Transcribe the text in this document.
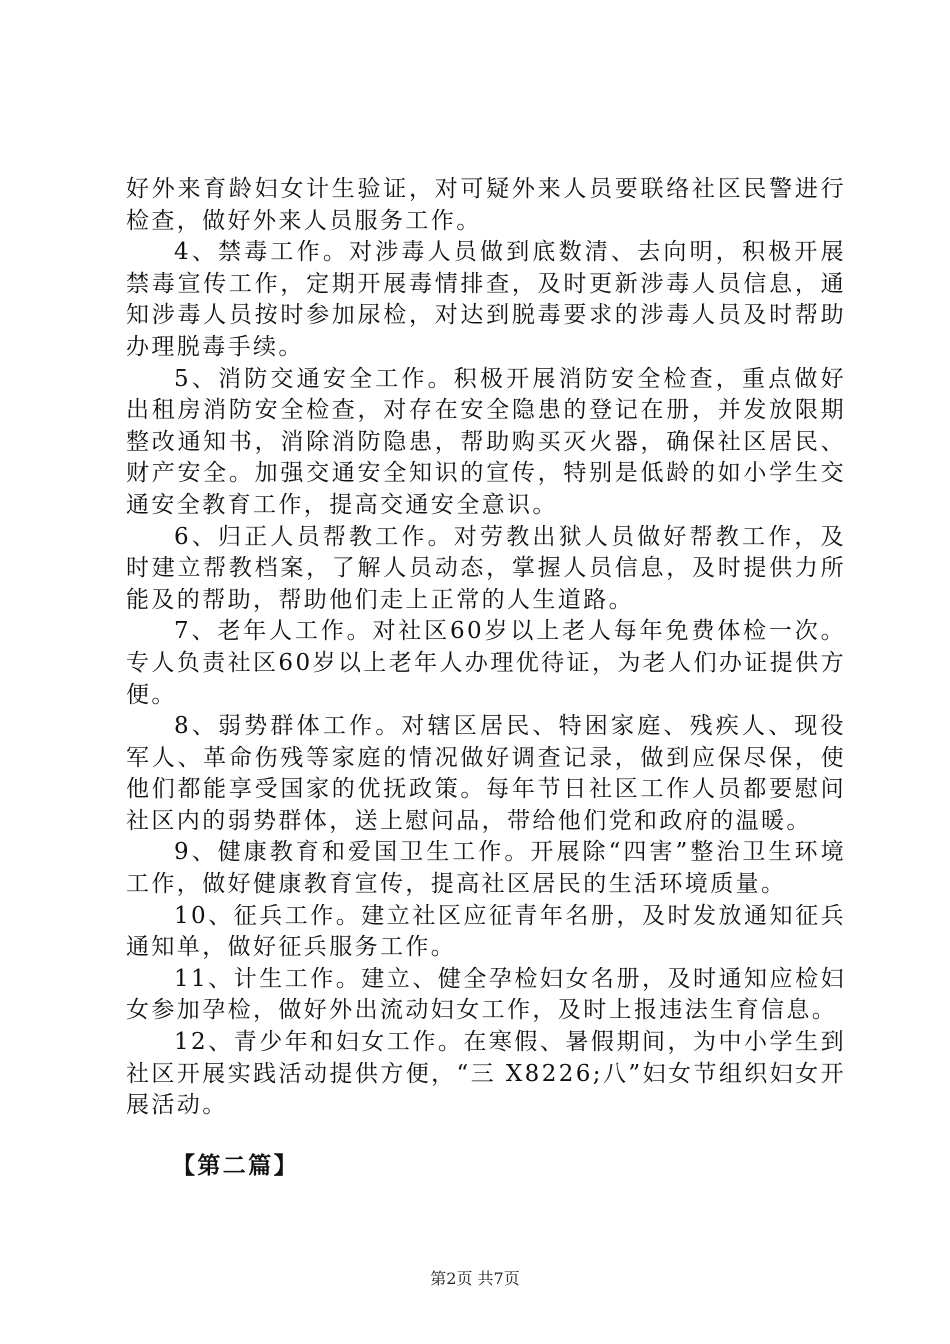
好外来育龄妇女计生验证，对可疑外来人员要联络社区民警进行检查，做好外来人员服务工作。

4、禁毒工作。对涉毒人员做到底数清、去向明，积极开展禁毒宣传工作，定期开展毒情排查，及时更新涉毒人员信息，通知涉毒人员按时参加尿检，对达到脱毒要求的涉毒人员及时帮助办理脱毒手续。

5、消防交通安全工作。积极开展消防安全检查，重点做好出租房消防安全检查，对存在安全隐患的登记在册，并发放限期整改通知书，消除消防隐患，帮助购买灭火器，确保社区居民、财产安全。加强交通安全知识的宣传，特别是低龄的如小学生交通安全教育工作，提高交通安全意识。

6、归正人员帮教工作。对劳教出狱人员做好帮教工作，及时建立帮教档案，了解人员动态，掌握人员信息，及时提供力所能及的帮助，帮助他们走上正常的人生道路。

7、老年人工作。对社区60岁以上老人每年免费体检一次。专人负责社区60岁以上老年人办理优待证，为老人们办证提供方便。

8、弱势群体工作。对辖区居民、特困家庭、残疾人、现役军人、革命伤残等家庭的情况做好调查记录，做到应保尽保，使他们都能享受国家的优抚政策。每年节日社区工作人员都要慰问社区内的弱势群体，送上慰问品，带给他们党和政府的温暖。

9、健康教育和爱国卫生工作。开展除“四害”整治卫生环境工作，做好健康教育宣传，提高社区居民的生活环境质量。

10、征兵工作。建立社区应征青年名册，及时发放通知征兵通知单，做好征兵服务工作。

11、计生工作。建立、健全孕检妇女名册，及时通知应检妇女参加孕检，做好外出流动妇女工作，及时上报违法生育信息。

12、青少年和妇女工作。在寒假、暑假期间，为中小学生到社区开展实践活动提供方便，“三 X8226;八”妇女节组织妇女开展活动。

【第二篇】
第2页 共7页
